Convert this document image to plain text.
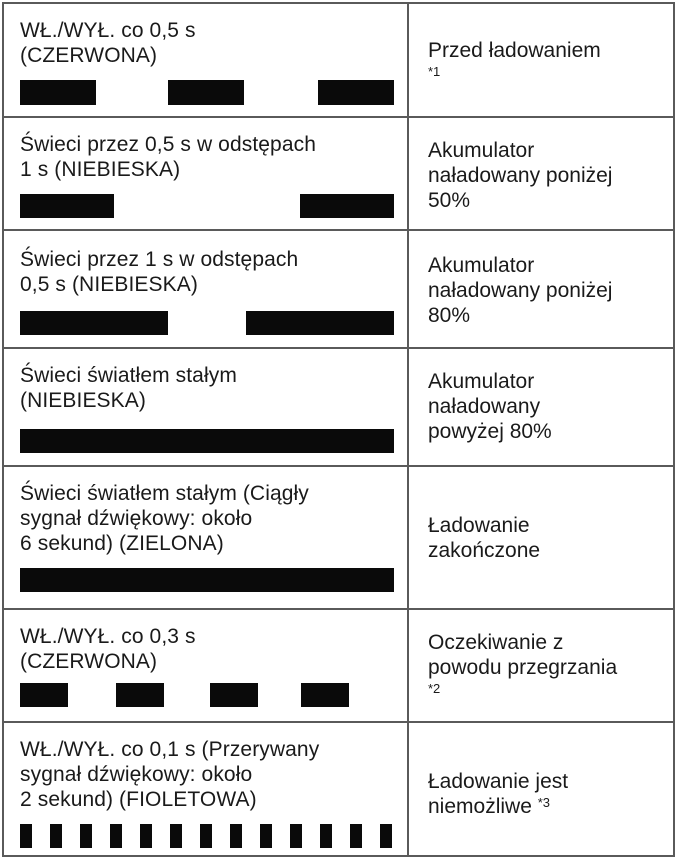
WŁ./WYŁ. co 0,5 s
(CZERWONA)	Przed ładowaniem
$^{*1}$
Świeci przez 0,5 s w odstępach
1 s (NIEBIESKA)
Akumulator
naładowany poniżej
50%
Świeci przez 1 s w odstępach
0,5 s (NIEBIESKA)
Akumulator
naładowany poniżej
80%
Świeci światłem stałym
(NIEBIESKA)
Akumulator
naładowany
powyżej 80%
Świeci światłem stałym (Ciągły
sygnał dźwiękowy: około
6 sekund) (ZIELONA)
Ładowanie
zakończone
WŁ./WYŁ. co 0,3 s
(CZERWONA)
Oczekiwanie z
powodu przegrzania
$^{*2}$
WŁ./WYŁ. co 0,1 s (Przerywany
sygnał dźwiękowy: około
2 sekund) (FIOLETOWA)
Ładowanie jest
niemożliwe $^{*3}$
